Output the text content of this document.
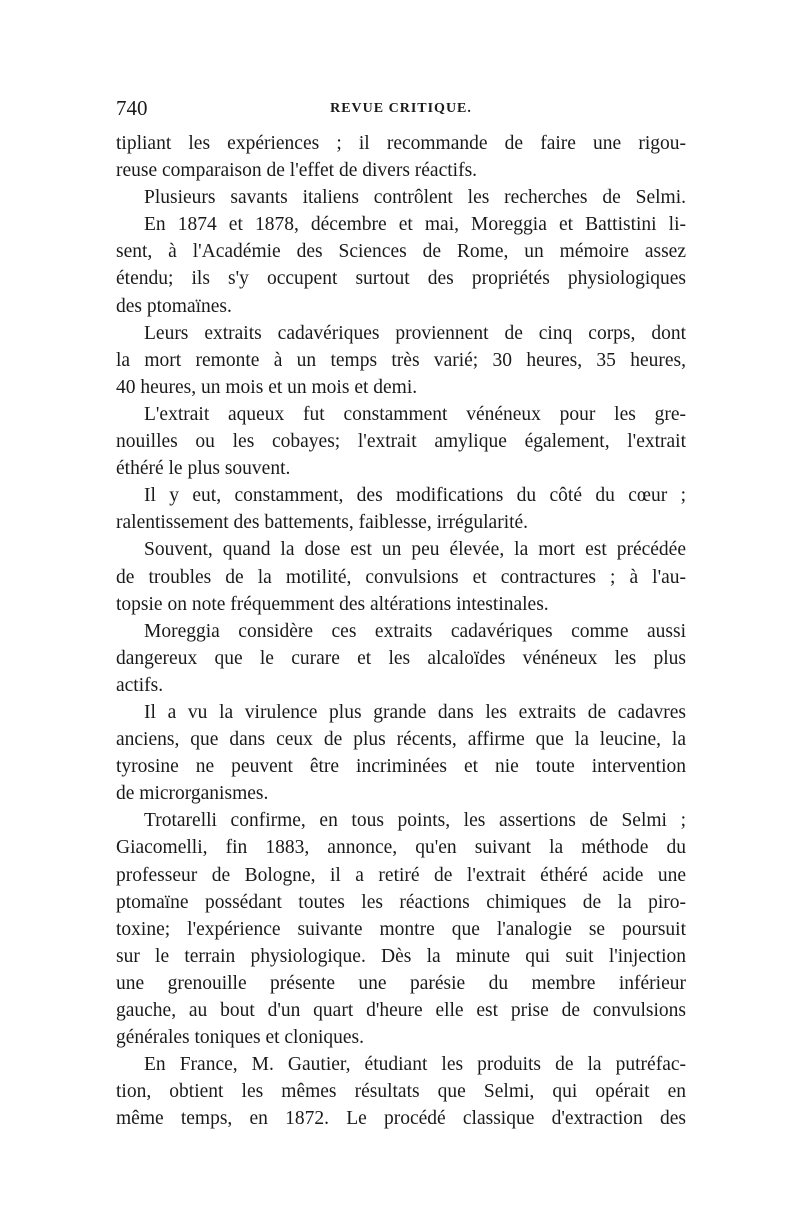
740	REVUE CRITIQUE.
tipliant les expériences ; il recommande de faire une rigou-
reuse comparaison de l'effet de divers réactifs.
Plusieurs savants italiens contrôlent les recherches de Selmi.
En 1874 et 1878, décembre et mai, Moreggia et Battistini li-
sent, à l'Académie des Sciences de Rome, un mémoire assez
étendu; ils s'y occupent surtout des propriétés physiologiques
des ptomaïnes.
Leurs extraits cadavériques proviennent de cinq corps, dont
la mort remonte à un temps très varié; 30 heures, 35 heures,
40 heures, un mois et un mois et demi.
L'extrait aqueux fut constamment vénéneux pour les gre-
nouilles ou les cobayes; l'extrait amylique également, l'extrait
éthéré le plus souvent.
Il y eut, constamment, des modifications du côté du cœur ;
ralentissement des battements, faiblesse, irrégularité.
Souvent, quand la dose est un peu élevée, la mort est précédée
de troubles de la motilité, convulsions et contractures ; à l'au-
topsie on note fréquemment des altérations intestinales.
Moreggia considère ces extraits cadavériques comme aussi
dangereux que le curare et les alcaloïdes vénéneux les plus
actifs.
Il a vu la virulence plus grande dans les extraits de cadavres
anciens, que dans ceux de plus récents, affirme que la leucine, la
tyrosine ne peuvent être incriminées et nie toute intervention
de microrganismes.
Trotarelli confirme, en tous points, les assertions de Selmi ;
Giacomelli, fin 1883, annonce, qu'en suivant la méthode du
professeur de Bologne, il a retiré de l'extrait éthéré acide une
ptomaïne possédant toutes les réactions chimiques de la piro-
toxine; l'expérience suivante montre que l'analogie se poursuit
sur le terrain physiologique. Dès la minute qui suit l'injection
une grenouille présente une parésie du membre inférieur
gauche, au bout d'un quart d'heure elle est prise de convulsions
générales toniques et cloniques.
En France, M. Gautier, étudiant les produits de la putréfac-
tion, obtient les mêmes résultats que Selmi, qui opérait en
même temps, en 1872. Le procédé classique d'extraction des
